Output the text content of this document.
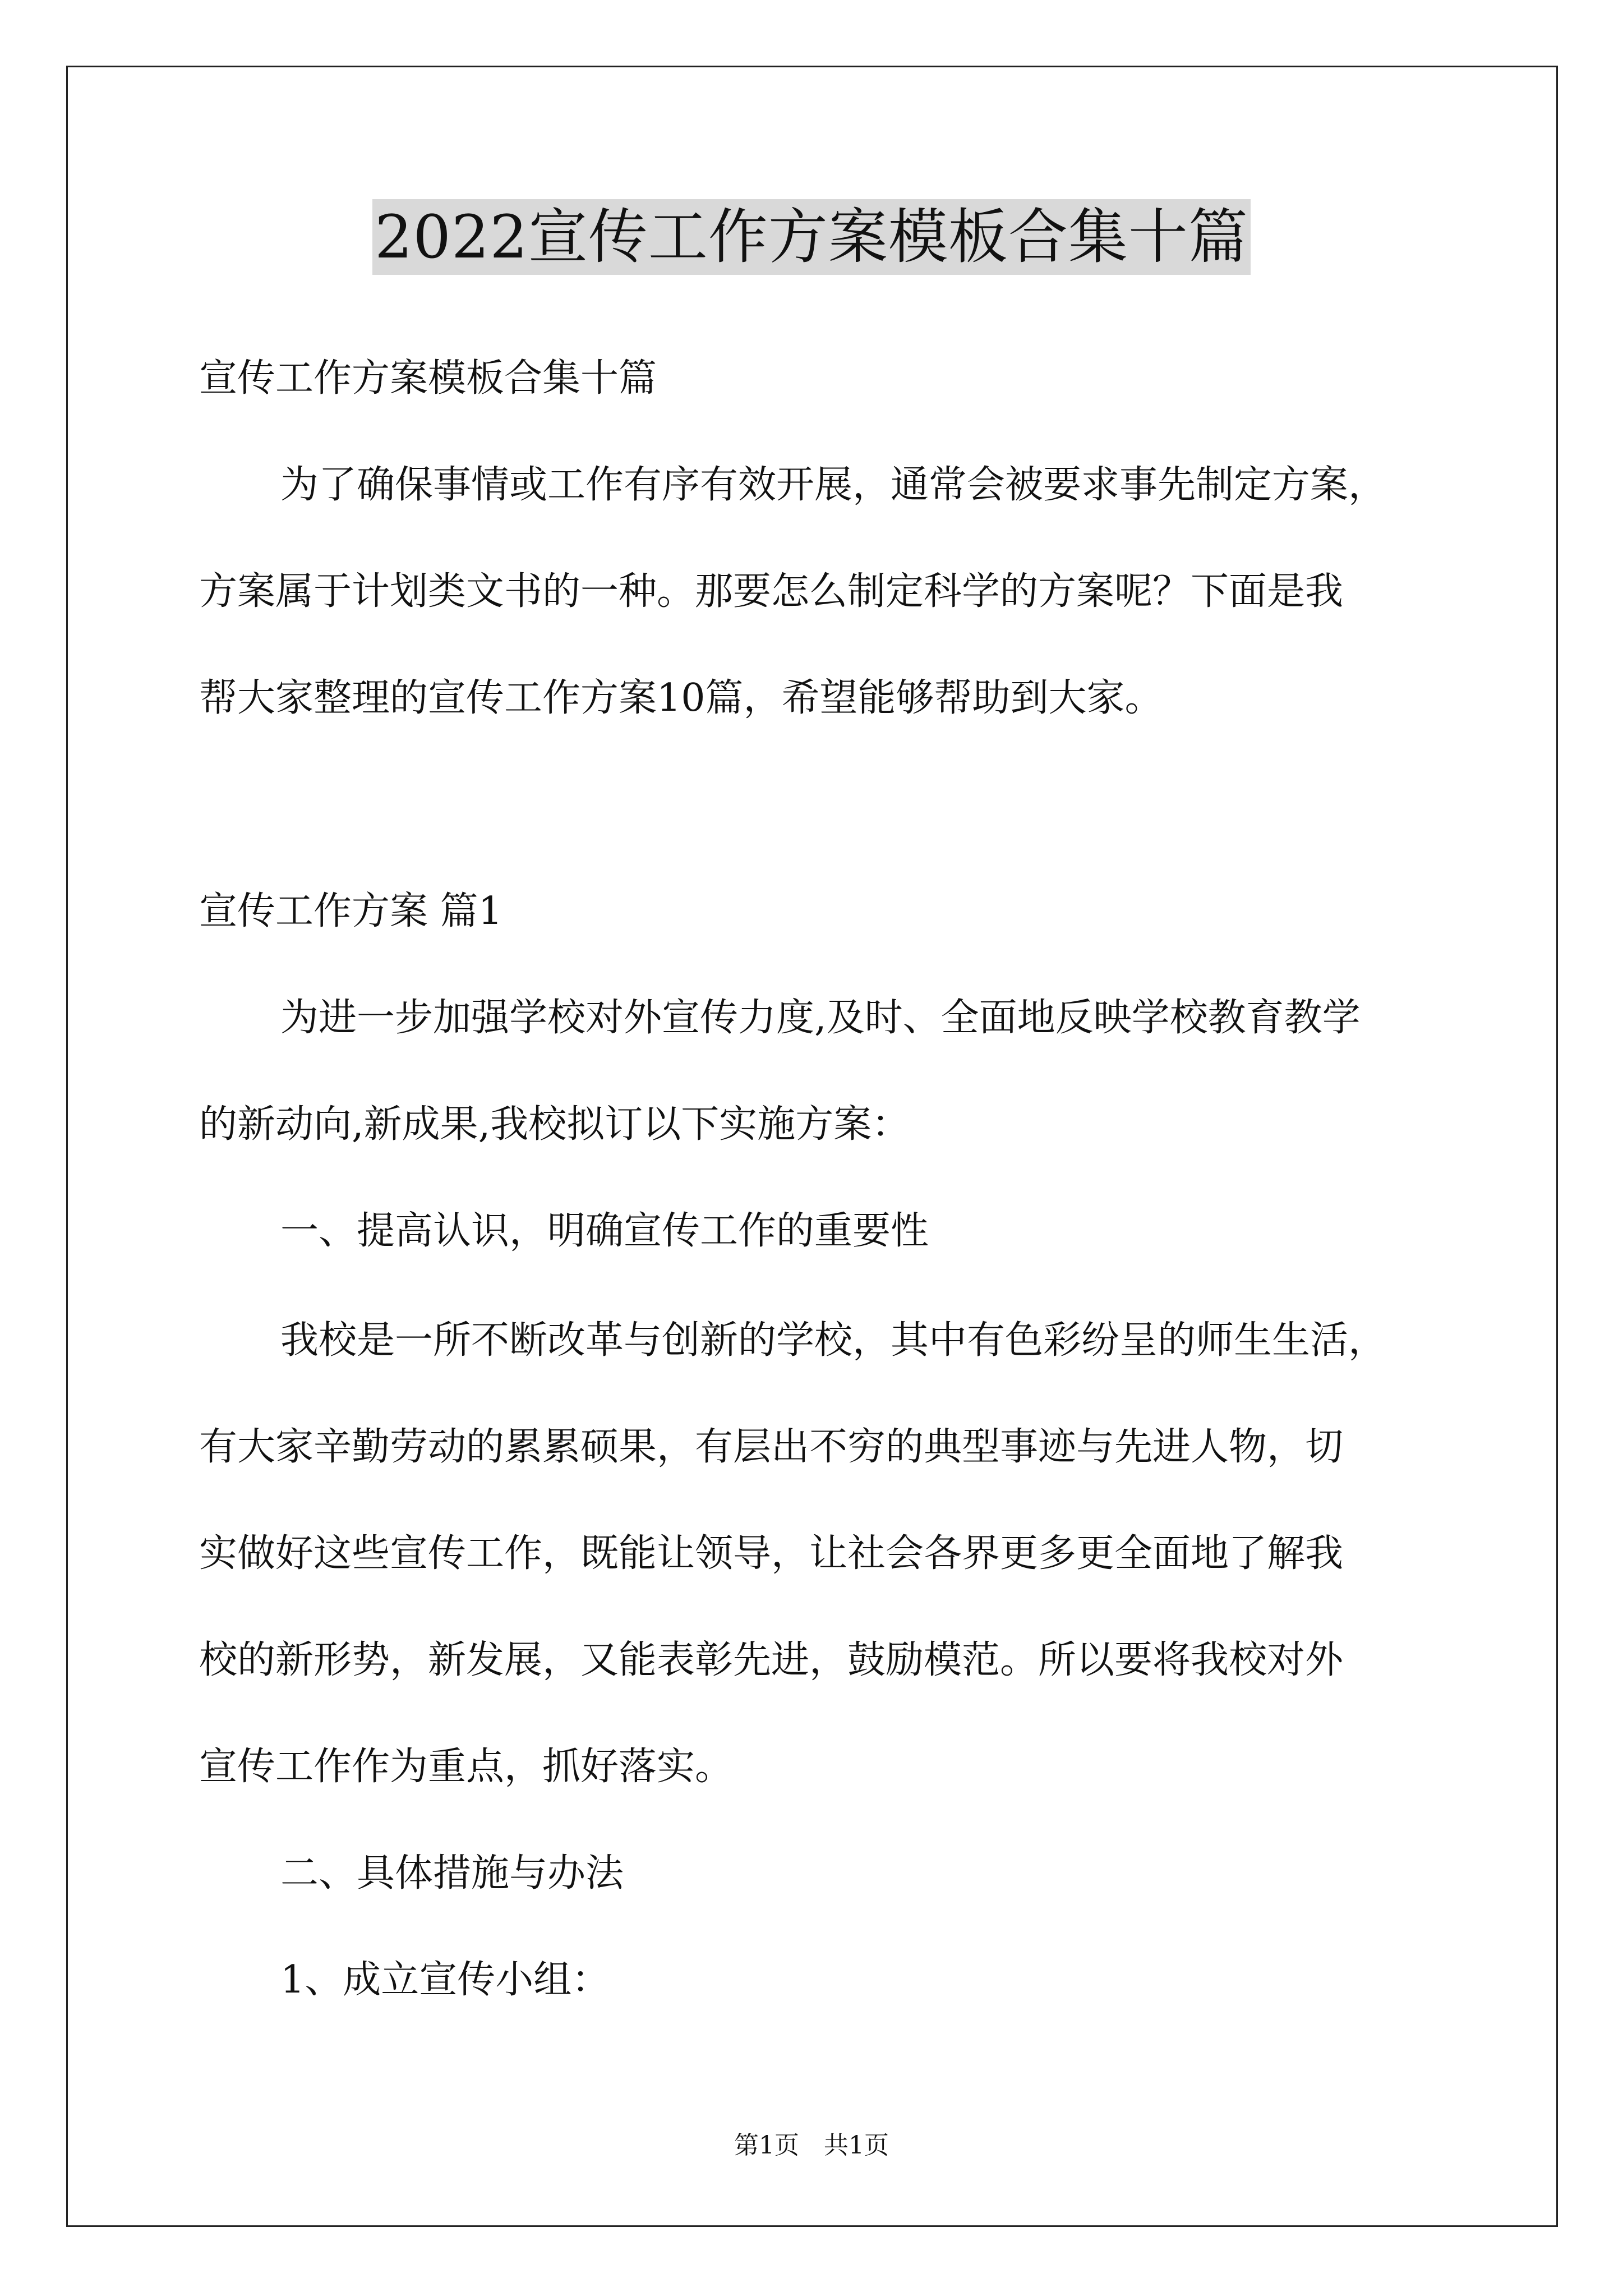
2022宣传工作方案模板合集十篇
宣传工作方案模板合集十篇
为了确保事情或工作有序有效开展，通常会被要求事先制定方案，
方案属于计划类文书的一种。那要怎么制定科学的方案呢？下面是我
帮大家整理的宣传工作方案10篇，希望能够帮助到大家。
宣传工作方案 篇1
为进一步加强学校对外宣传力度,及时、全面地反映学校教育教学
的新动向,新成果,我校拟订以下实施方案：
一、提高认识，明确宣传工作的重要性
我校是一所不断改革与创新的学校，其中有色彩纷呈的师生生活，
有大家辛勤劳动的累累硕果，有层出不穷的典型事迹与先进人物，切
实做好这些宣传工作，既能让领导，让社会各界更多更全面地了解我
校的新形势，新发展，又能表彰先进，鼓励模范。所以要将我校对外
宣传工作作为重点，抓好落实。
二、具体措施与办法
1、成立宣传小组：
第1页　共1页
